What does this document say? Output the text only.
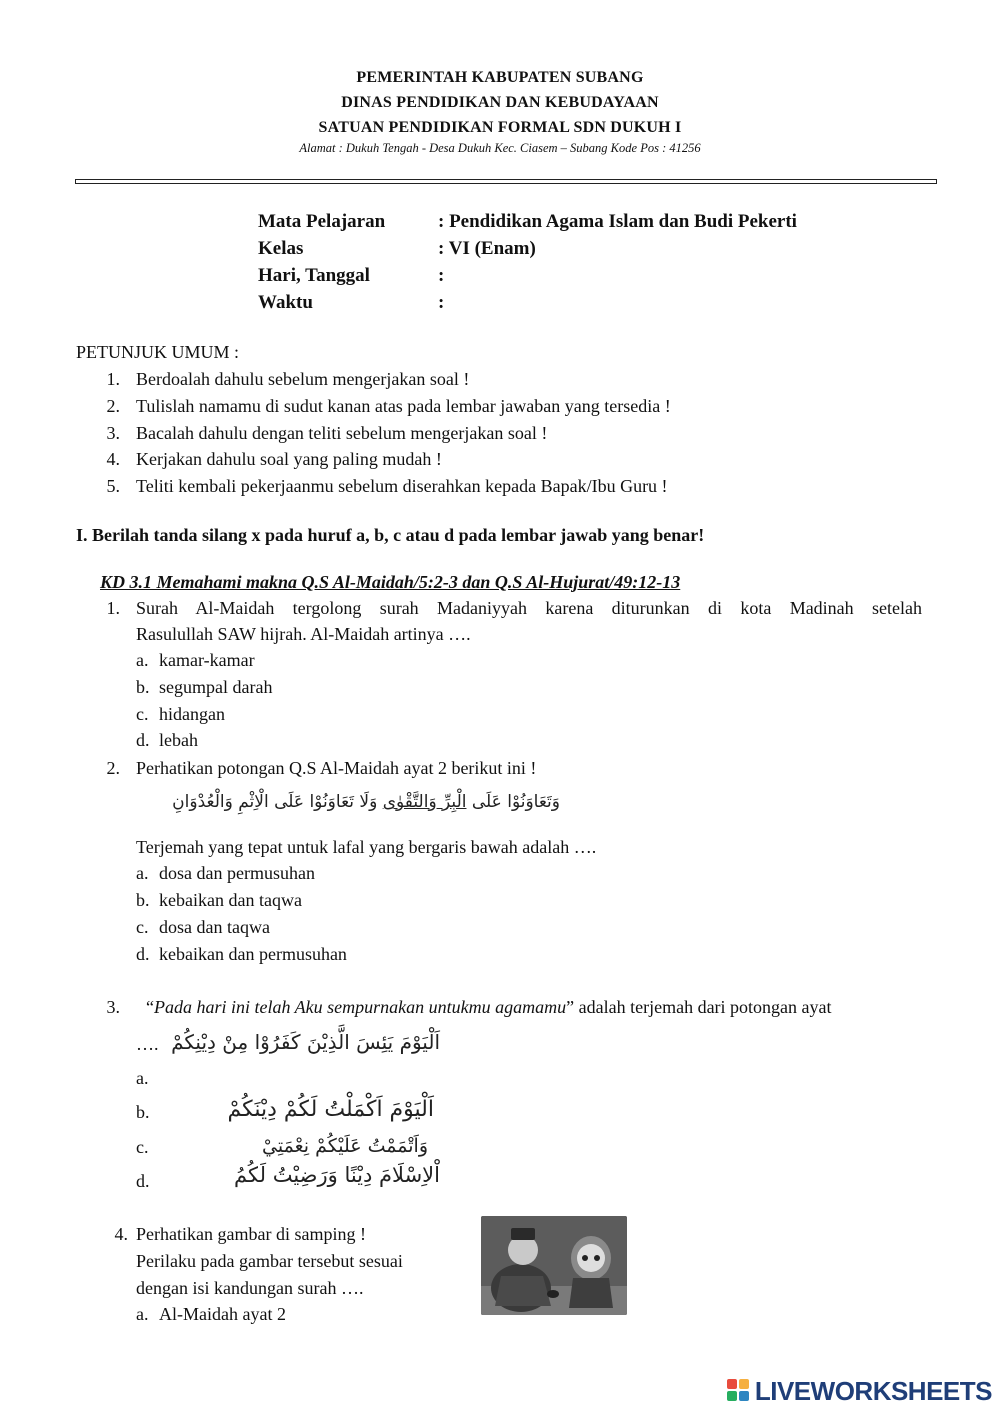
PEMERINTAH KABUPATEN SUBANG
DINAS PENDIDIKAN DAN KEBUDAYAAN
SATUAN PENDIDIKAN FORMAL SDN DUKUH I
Alamat : Dukuh Tengah - Desa Dukuh Kec. Ciasem – Subang Kode Pos : 41256
Mata Pelajaran	: Pendidikan Agama Islam dan Budi Pekerti
Kelas	: VI (Enam)
Hari, Tanggal	:
Waktu	:
PETUNJUK UMUM :
1. Berdoalah dahulu sebelum mengerjakan soal !
2. Tulislah namamu di sudut kanan atas pada lembar jawaban yang tersedia !
3. Bacalah dahulu dengan teliti sebelum mengerjakan soal !
4. Kerjakan dahulu soal yang paling mudah !
5. Teliti kembali pekerjaanmu sebelum diserahkan kepada Bapak/Ibu Guru !
I. Berilah tanda silang x pada huruf a, b, c atau d pada lembar jawab yang benar!
KD 3.1 Memahami makna Q.S Al-Maidah/5:2-3 dan Q.S Al-Hujurat/49:12-13
1. Surah Al-Maidah tergolong surah Madaniyyah karena diturunkan di kota Madinah setelah
Rasulullah SAW hijrah. Al-Maidah artinya ….
a. kamar-kamar
b. segumpal darah
c. hidangan
d. lebah
2. Perhatikan potongan Q.S Al-Maidah ayat 2 berikut ini !
وَتَعَاوَنُوْا عَلَى الْبِرِّ وَالتَّقْوٰى وَلَا تَعَاوَنُوْا عَلَى الْاِثْمِ وَالْعُدْوَانِ
Terjemah yang tepat untuk lafal yang bergaris bawah adalah ….
a. dosa dan permusuhan
b. kebaikan dan taqwa
c. dosa dan taqwa
d. kebaikan dan permusuhan
3. “Pada hari ini telah Aku sempurnakan untukmu agamamu” adalah terjemah dari potongan ayat
…. اَلْيَوْمَ يَئِسَ الَّذِيْنَ كَفَرُوْا مِنْ دِيْنِكُمْ
a.
b.	اَلْيَوْمَ اَكْمَلْتُ لَكُمْ دِيْنَكُمْ
c.	وَاَتْمَمْتُ عَلَيْكُمْ نِعْمَتِيْ
d.	اْلاِسْلَامَ دِيْنًا وَرَضِيْتُ لَكُمُ
4. Perhatikan gambar di samping !
Perilaku pada gambar tersebut sesuai
dengan isi kandungan surah ….
a. Al-Maidah ayat 2
LIVEWORKSHEETS
